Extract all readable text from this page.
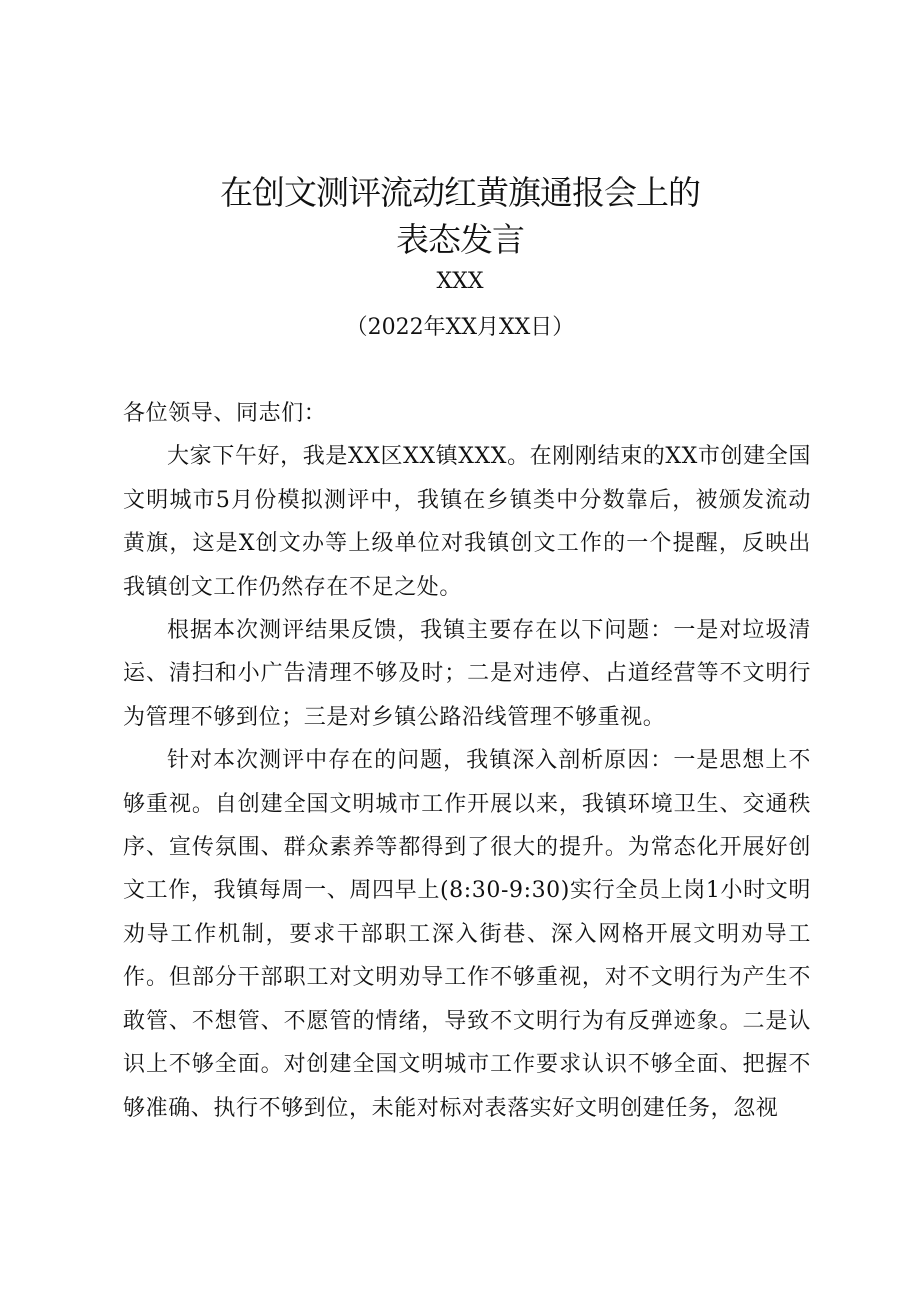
在创文测评流动红黄旗通报会上的
表态发言
XXX
（2022年XX月XX日）

各位领导、同志们：

大家下午好，我是XX区XX镇XXX。在刚刚结束的XX市创建全国文明城市5月份模拟测评中，我镇在乡镇类中分数靠后，被颁发流动黄旗，这是X创文办等上级单位对我镇创文工作的一个提醒，反映出我镇创文工作仍然存在不足之处。

根据本次测评结果反馈，我镇主要存在以下问题：一是对垃圾清运、清扫和小广告清理不够及时；二是对违停、占道经营等不文明行为管理不够到位；三是对乡镇公路沿线管理不够重视。

针对本次测评中存在的问题，我镇深入剖析原因：一是思想上不够重视。自创建全国文明城市工作开展以来，我镇环境卫生、交通秩序、宣传氛围、群众素养等都得到了很大的提升。为常态化开展好创文工作，我镇每周一、周四早上(8:30-9:30)实行全员上岗1小时文明劝导工作机制，要求干部职工深入街巷、深入网格开展文明劝导工作。但部分干部职工对文明劝导工作不够重视，对不文明行为产生不敢管、不想管、不愿管的情绪，导致不文明行为有反弹迹象。二是认识上不够全面。对创建全国文明城市工作要求认识不够全面、把握不够准确、执行不够到位，未能对标对表落实好文明创建任务，忽视
